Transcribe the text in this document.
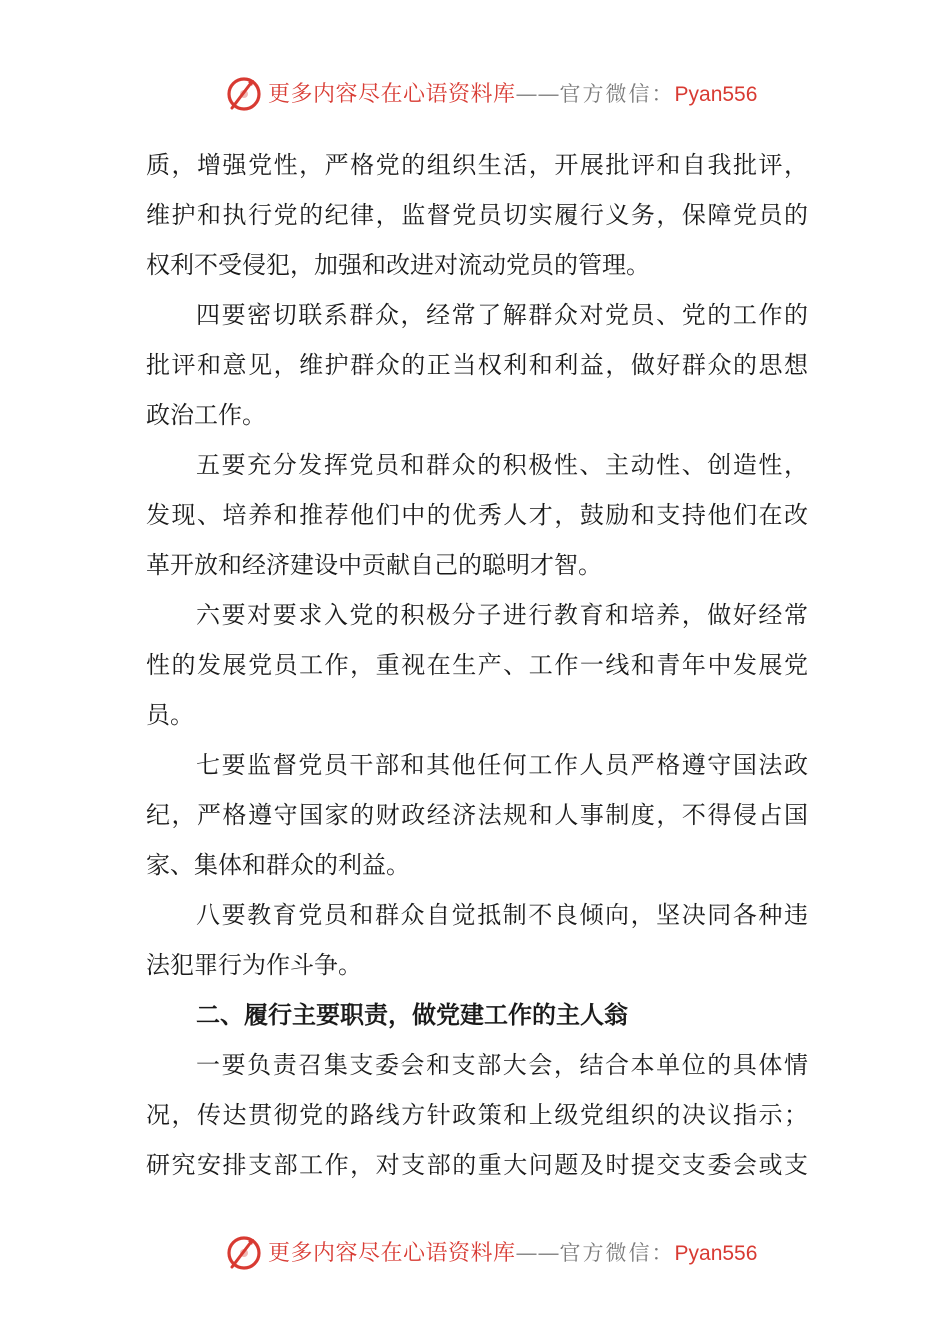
更多内容尽在心语资料库——官方微信：Pyan556
质，增强党性，严格党的组织生活，开展批评和自我批评，
维护和执行党的纪律，监督党员切实履行义务，保障党员的
权利不受侵犯，加强和改进对流动党员的管理。
四要密切联系群众，经常了解群众对党员、党的工作的
批评和意见，维护群众的正当权利和利益，做好群众的思想
政治工作。
五要充分发挥党员和群众的积极性、主动性、创造性，
发现、培养和推荐他们中的优秀人才，鼓励和支持他们在改
革开放和经济建设中贡献自己的聪明才智。
六要对要求入党的积极分子进行教育和培养，做好经常
性的发展党员工作，重视在生产、工作一线和青年中发展党
员。
七要监督党员干部和其他任何工作人员严格遵守国法政
纪，严格遵守国家的财政经济法规和人事制度，不得侵占国
家、集体和群众的利益。
八要教育党员和群众自觉抵制不良倾向，坚决同各种违
法犯罪行为作斗争。
二、履行主要职责，做党建工作的主人翁
一要负责召集支委会和支部大会，结合本单位的具体情
况，传达贯彻党的路线方针政策和上级党组织的决议指示；
研究安排支部工作，对支部的重大问题及时提交支委会或支
更多内容尽在心语资料库——官方微信：Pyan556
